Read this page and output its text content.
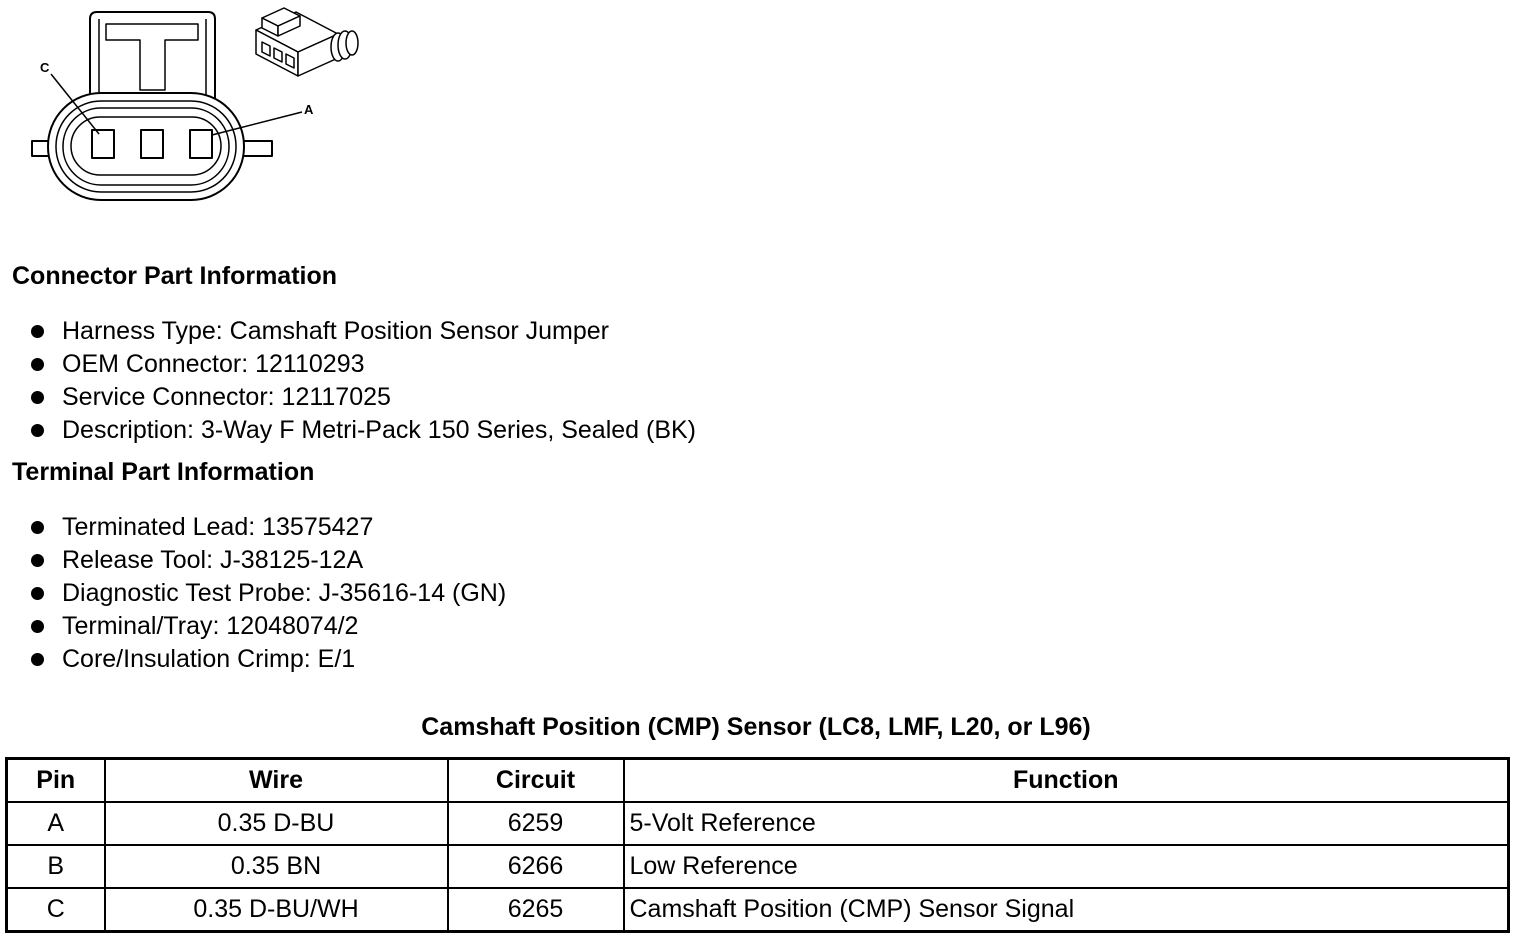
C
A
Connector Part Information
Harness Type: Camshaft Position Sensor Jumper
OEM Connector: 12110293
Service Connector: 12117025
Description: 3-Way F Metri-Pack 150 Series, Sealed (BK)
Terminal Part Information
Terminated Lead: 13575427
Release Tool: J-38125-12A
Diagnostic Test Probe: J-35616-14 (GN)
Terminal/Tray: 12048074/2
Core/Insulation Crimp: E/1
Camshaft Position (CMP) Sensor (LC8, LMF, L20, or L96)
Pin	Wire	Circuit	Function
A	0.35 D-BU	6259	5-Volt Reference
B	0.35 BN	6266	Low Reference
C	0.35 D-BU/WH	6265	Camshaft Position (CMP) Sensor Signal
